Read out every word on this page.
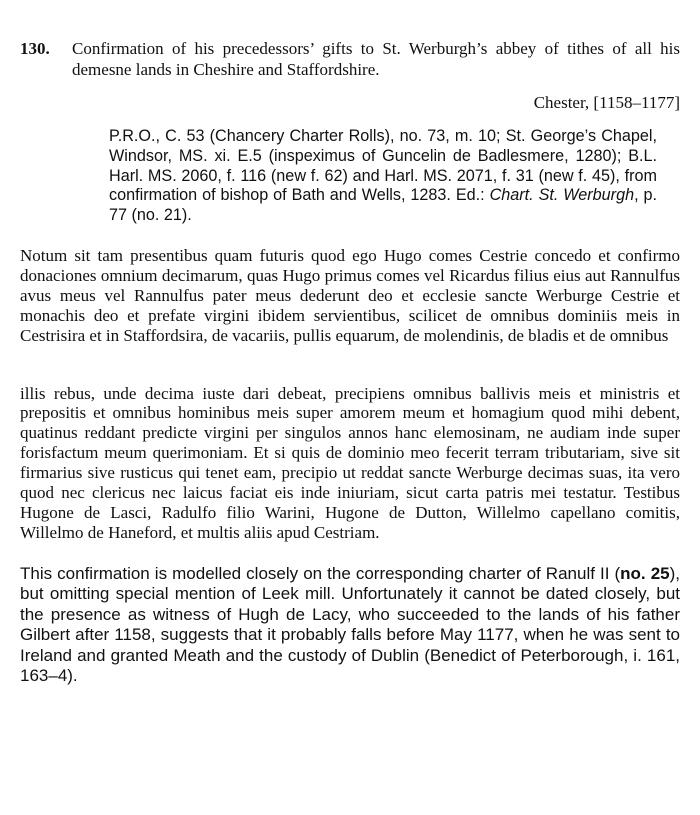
130. Confirmation of his precedessors’ gifts to St. Werburgh’s abbey of tithes of all his demesne lands in Cheshire and Staffordshire.
Chester, [1158–1177]
P.R.O., C. 53 (Chancery Charter Rolls), no. 73, m. 10; St. George’s Chapel, Windsor, MS. xi. E.5 (inspeximus of Guncelin de Badlesmere, 1280); B.L. Harl. MS. 2060, f. 116 (new f. 62) and Harl. MS. 2071, f. 31 (new f. 45), from confirmation of bishop of Bath and Wells, 1283. Ed.: Chart. St. Werburgh, p. 77 (no. 21).
Notum sit tam presentibus quam futuris quod ego Hugo comes Cestrie concedo et confirmo donaciones omnium decimarum, quas Hugo primus comes vel Ricardus filius eius aut Rannulfus avus meus vel Rannulfus pater meus dederunt deo et ecclesie sancte Werburge Cestrie et monachis deo et prefate virgini ibidem servientibus, scilicet de omnibus dominiis meis in Cestrisira et in Staffordsira, de vacariis, pullis equarum, de molendinis, de bladis et de omnibus
illis rebus, unde decima iuste dari debeat, precipiens omnibus ballivis meis et ministris et prepositis et omnibus hominibus meis super amorem meum et homagium quod mihi debent, quatinus reddant predicte virgini per singulos annos hanc elemosinam, ne audiam inde super forisfactum meum querimoniam. Et si quis de dominio meo fecerit terram tributariam, sive sit firmarius sive rusticus qui tenet eam, precipio ut reddat sancte Werburge decimas suas, ita vero quod nec clericus nec laicus faciat eis inde iniuriam, sicut carta patris mei testatur. Testibus Hugone de Lasci, Radulfo filio Warini, Hugone de Dutton, Willelmo capellano comitis, Willelmo de Haneford, et multis aliis apud Cestriam.
This confirmation is modelled closely on the corresponding charter of Ranulf II (no. 25), but omitting special mention of Leek mill. Unfortunately it cannot be dated closely, but the presence as witness of Hugh de Lacy, who succeeded to the lands of his father Gilbert after 1158, suggests that it probably falls before May 1177, when he was sent to Ireland and granted Meath and the custody of Dublin (Benedict of Peterborough, i. 161, 163–4).
